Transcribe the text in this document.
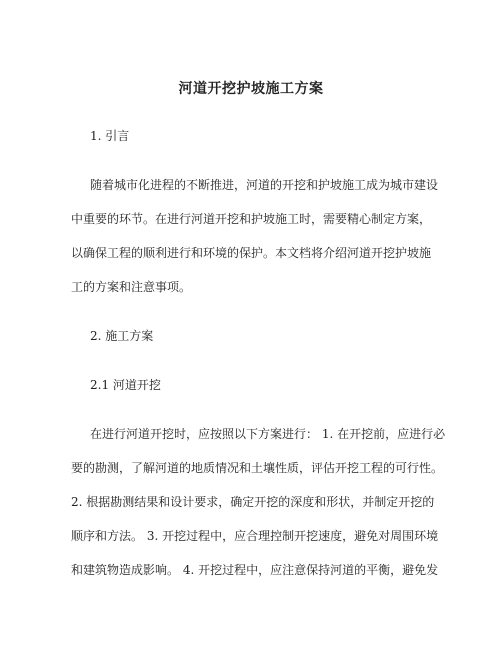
河道开挖护坡施工方案
1. 引言
随着城市化进程的不断推进，河道的开挖和护坡施工成为城市建设
中重要的环节。在进行河道开挖和护坡施工时，需要精心制定方案，
以确保工程的顺利进行和环境的保护。本文档将介绍河道开挖护坡施
工的方案和注意事项。
2. 施工方案
2.1 河道开挖
在进行河道开挖时，应按照以下方案进行： 1. 在开挖前，应进行必
要的勘测，了解河道的地质情况和土壤性质，评估开挖工程的可行性。
2. 根据勘测结果和设计要求，确定开挖的深度和形状，并制定开挖的
顺序和方法。 3. 开挖过程中，应合理控制开挖速度，避免对周围环境
和建筑物造成影响。 4. 开挖过程中，应注意保持河道的平衡，避免发
